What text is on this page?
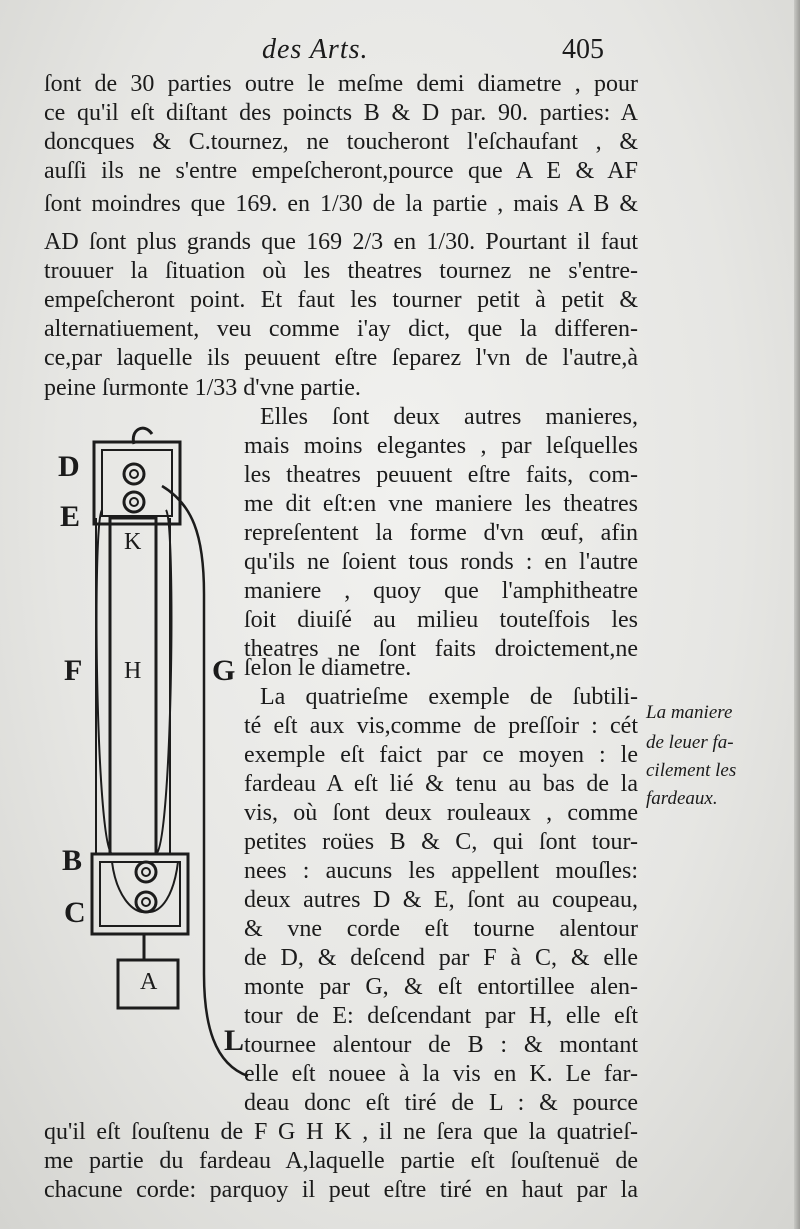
des Arts.	405
ſont de 30 parties outre le meſme demi diametre , pour
ce qu'il eſt diſtant des poincts B & D par. 90. parties: A
doncques & C.tournez, ne toucheront l'eſchaufant , &
auſſi ils ne s'entre empeſcheront,pource que A E & AF
ſont moindres que 169. en 1/30 de la partie , mais A B &
AD ſont plus grands que 169 2/3 en 1/30. Pourtant il faut
trouuer la ſituation où les theatres tournez ne s'entre-
empeſcheront point. Et faut les tourner petit à petit &
alternatiuement, veu comme i'ay dict, que la differen-
ce,par laquelle ils peuuent eſtre ſeparez l'vn de l'autre,à
peine ſurmonte 1/33 d'vne partie.
Elles ſont deux autres manieres,
mais moins elegantes , par leſquelles
les theatres peuuent eſtre faits, com-
me dit eſt:en vne maniere les theatres
repreſentent la forme d'vn œuf, afin
qu'ils ne ſoient tous ronds : en l'autre
maniere , quoy que l'amphitheatre
ſoit diuiſé au milieu touteſfois les
theatres ne ſont faits droictement,ne
ſelon le diametre.
La quatrieſme exemple de ſubtili-
té eſt aux vis,comme de preſſoir : cét
exemple eſt faict par ce moyen : le
fardeau A eſt lié & tenu au bas de la
vis, où ſont deux rouleaux , comme
petites roües B & C, qui ſont tour-
nees : aucuns les appellent mouſles:
deux autres D & E, ſont au coupeau,
& vne corde eſt tourne alentour
de D, & deſcend par F à C, & elle
monte par G, & eſt entortillee alen-
tour de E: deſcendant par H, elle eſt
tournee alentour de B : & montant
elle eſt nouee à la vis en K. Le far-
deau donc eſt tiré de L : & pource
qu'il eſt ſouſtenu de F G H K , il ne ſera que la quatrieſ-
me partie du fardeau A,laquelle partie eſt ſouſtenuë de
chacune corde: parquoy il peut eſtre tiré en haut par la
La maniere
de leuer fa-
cilement les
fardeaux.
D
E
F H G
K
B
C
A
L
